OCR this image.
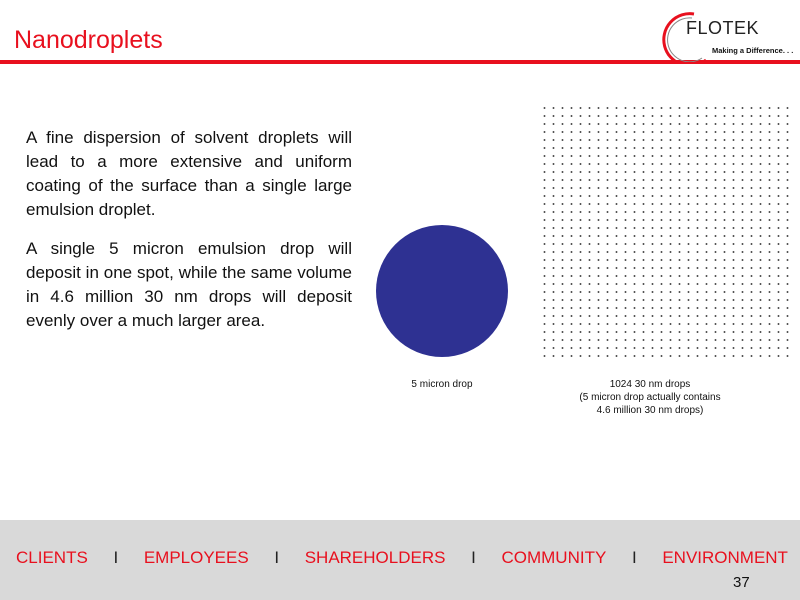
Nanodroplets	FLOTEK
Making a Difference. . .

A fine dispersion of solvent droplets will lead to a more extensive and uniform coating of the surface than a single large emulsion droplet.

A single 5 micron emulsion drop will deposit in one spot, while the same volume in 4.6 million 30 nm drops will deposit evenly over a much larger area.

5 micron drop	1024 30 nm drops
(5 micron drop actually contains
4.6 million 30 nm drops)
CLIENTS I EMPLOYEES I SHAREHOLDERS I COMMUNITY I ENVIRONMENT
37
